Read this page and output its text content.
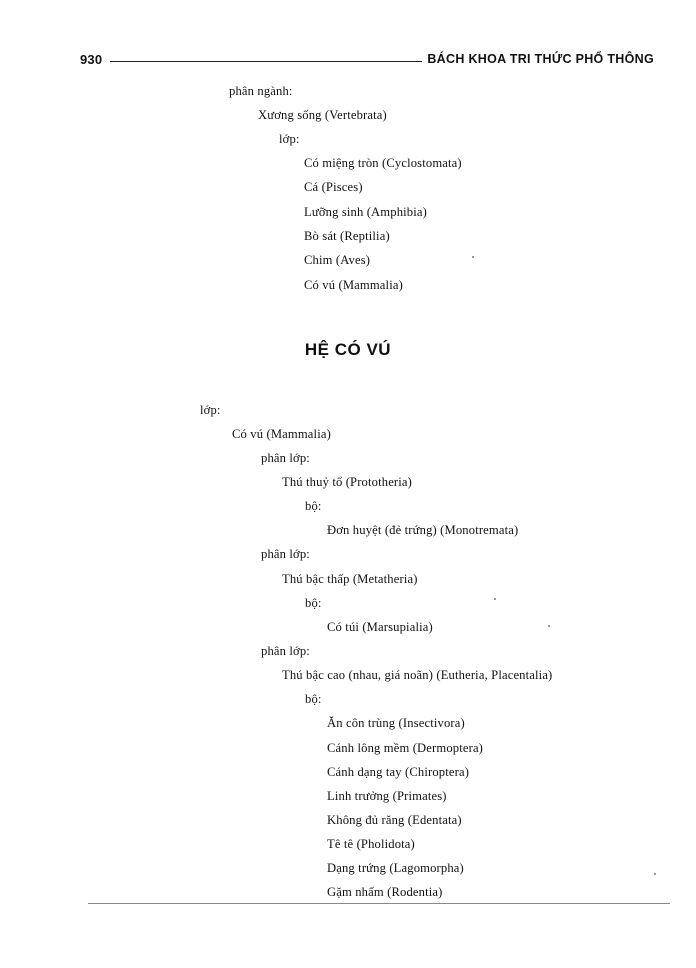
930	BÁCH KHOA TRI THỨC PHỔ THÔNG
phân ngành:
Xương sống (Vertebrata)
lớp:
Có miệng tròn (Cyclostomata)
Cá (Pisces)
Lưỡng sinh (Amphibia)
Bò sát (Reptilia)
Chim (Aves)
Có vú (Mammalia)
HỆ CÓ VÚ
lớp:
Có vú (Mammalia)
phân lớp:
Thú thuỷ tổ (Prototheria)
bộ:
Đơn huyệt (đẻ trứng) (Monotremata)
phân lớp:
Thú bậc thấp (Metatheria)
bộ:
Có túi (Marsupialia)
phân lớp:
Thú bậc cao (nhau, giá noãn) (Eutheria, Placentalia)
bộ:
Ăn côn trùng (Insectivora)
Cánh lông mềm (Dermoptera)
Cánh dạng tay (Chiroptera)
Linh trưởng (Primates)
Không đủ răng (Edentata)
Tê tê (Pholidota)
Dạng trứng (Lagomorpha)
Gặm nhấm (Rodentia)
